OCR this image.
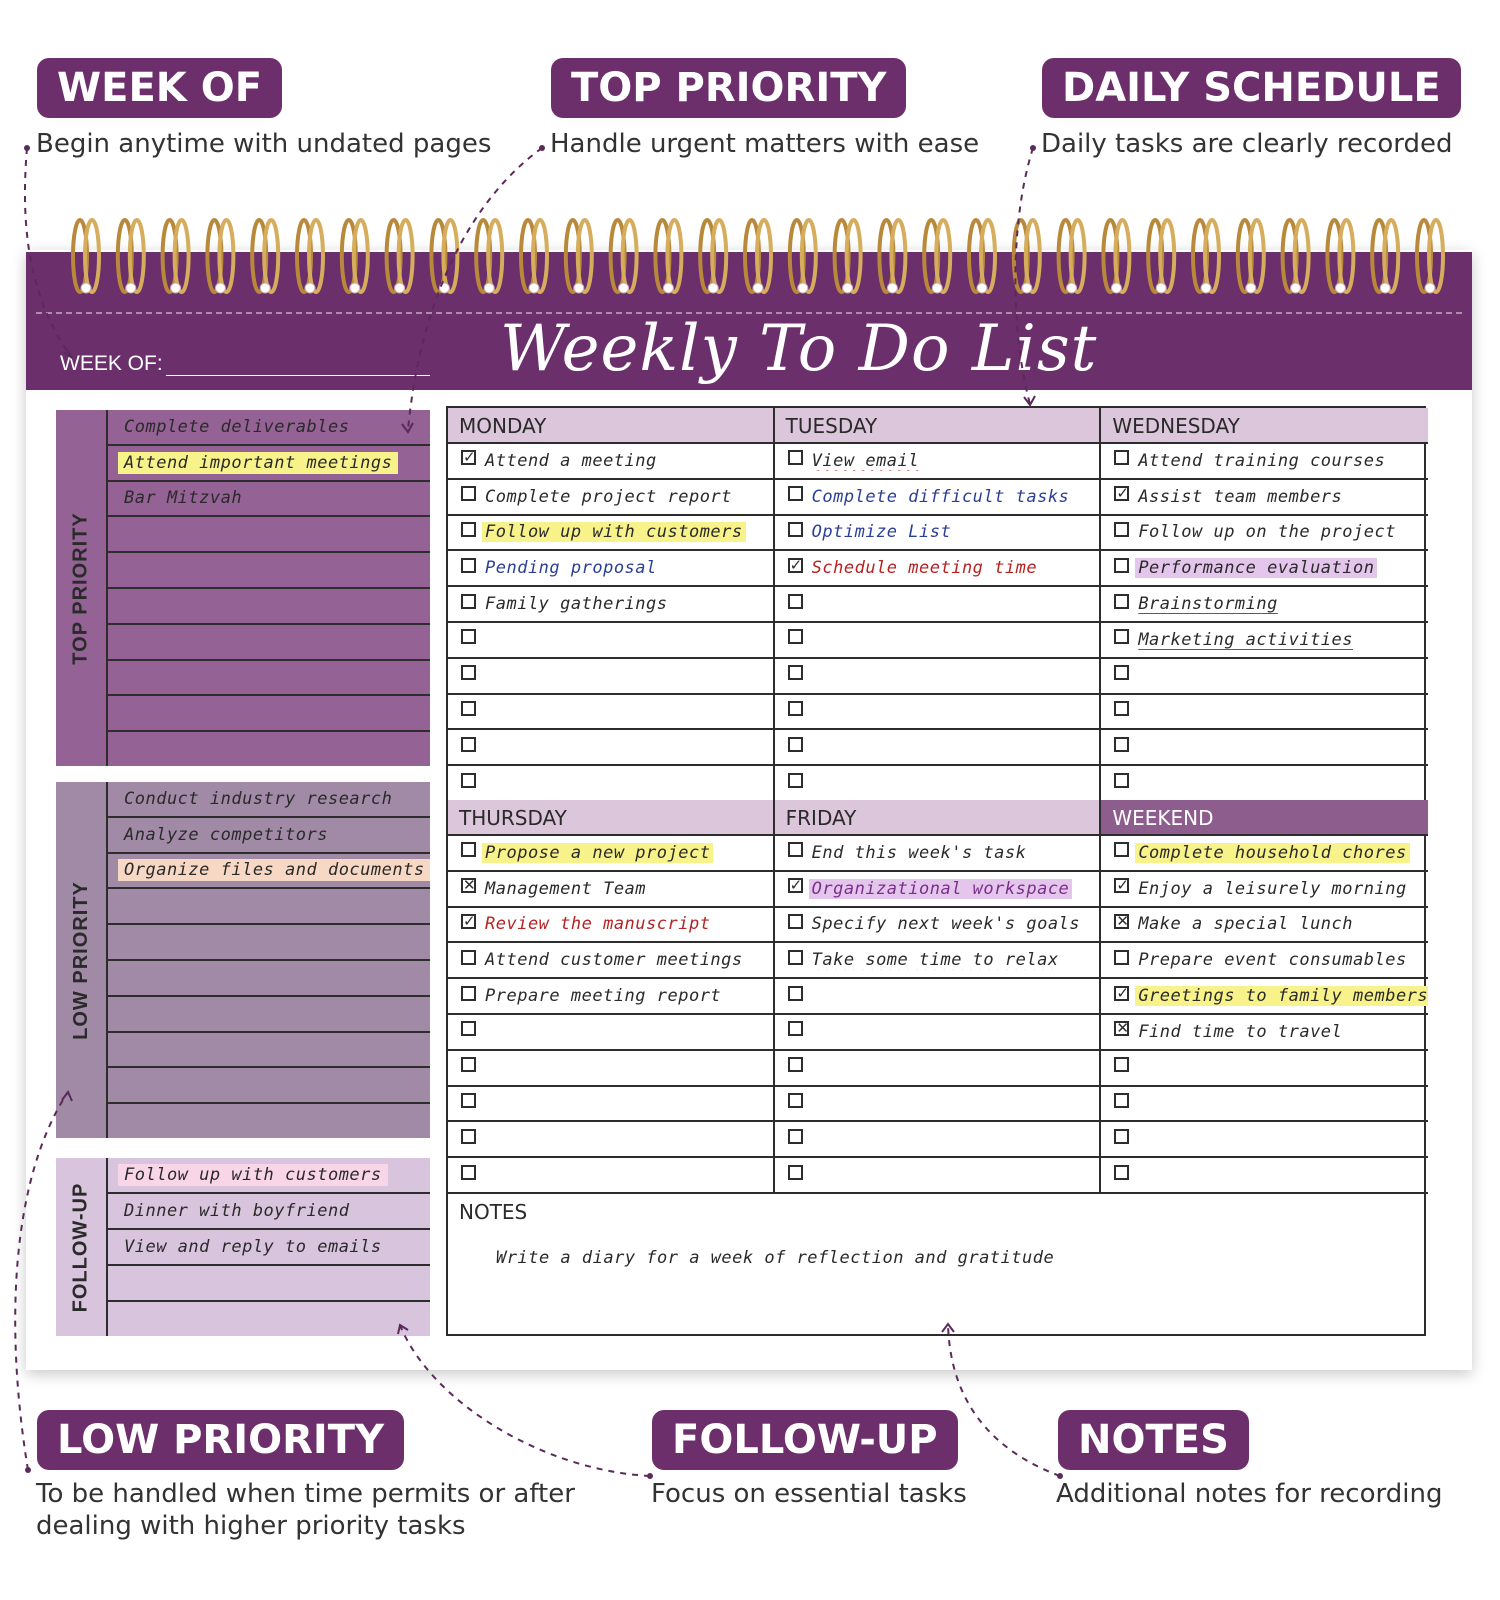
WEEK OF
Begin anytime with undated pages
TOP PRIORITY
Handle urgent matters with ease
DAILY SCHEDULE
Daily tasks are clearly recorded
LOW PRIORITY
To be handled when time permits or after dealing with higher priority tasks
FOLLOW-UP
Focus on essential tasks
NOTES
Additional notes for recording
WEEK OF:	Weekly To Do List
TOP PRIORITY
Complete deliverables
Attend important meetings
Bar Mitzvah
LOW PRIORITY
Conduct industry research
Analyze competitors
Organize files and documents
FOLLOW-UP
Follow up with customers
Dinner with boyfriend
View and reply to emails
MONDAY
✓ Attend a meeting
Complete project report
Follow up with customers
Pending proposal
Family gatherings
TUESDAY
View email
Complete difficult tasks
Optimize List
✓ Schedule meeting time
WEDNESDAY
Attend training courses
✓ Assist team members
Follow up on the project
Performance evaluation
Brainstorming
Marketing activities
THURSDAY
Propose a new project
✕ Management Team
✓ Review the manuscript
Attend customer meetings
Prepare meeting report
FRIDAY
End this week's task
✓ Organizational workspace
Specify next week's goals
Take some time to relax
WEEKEND
Complete household chores
✓ Enjoy a leisurely morning
✕ Make a special lunch
Prepare event consumables
✓ Greetings to family members
✕ Find time to travel
NOTES
Write a diary for a week of reflection and gratitude
